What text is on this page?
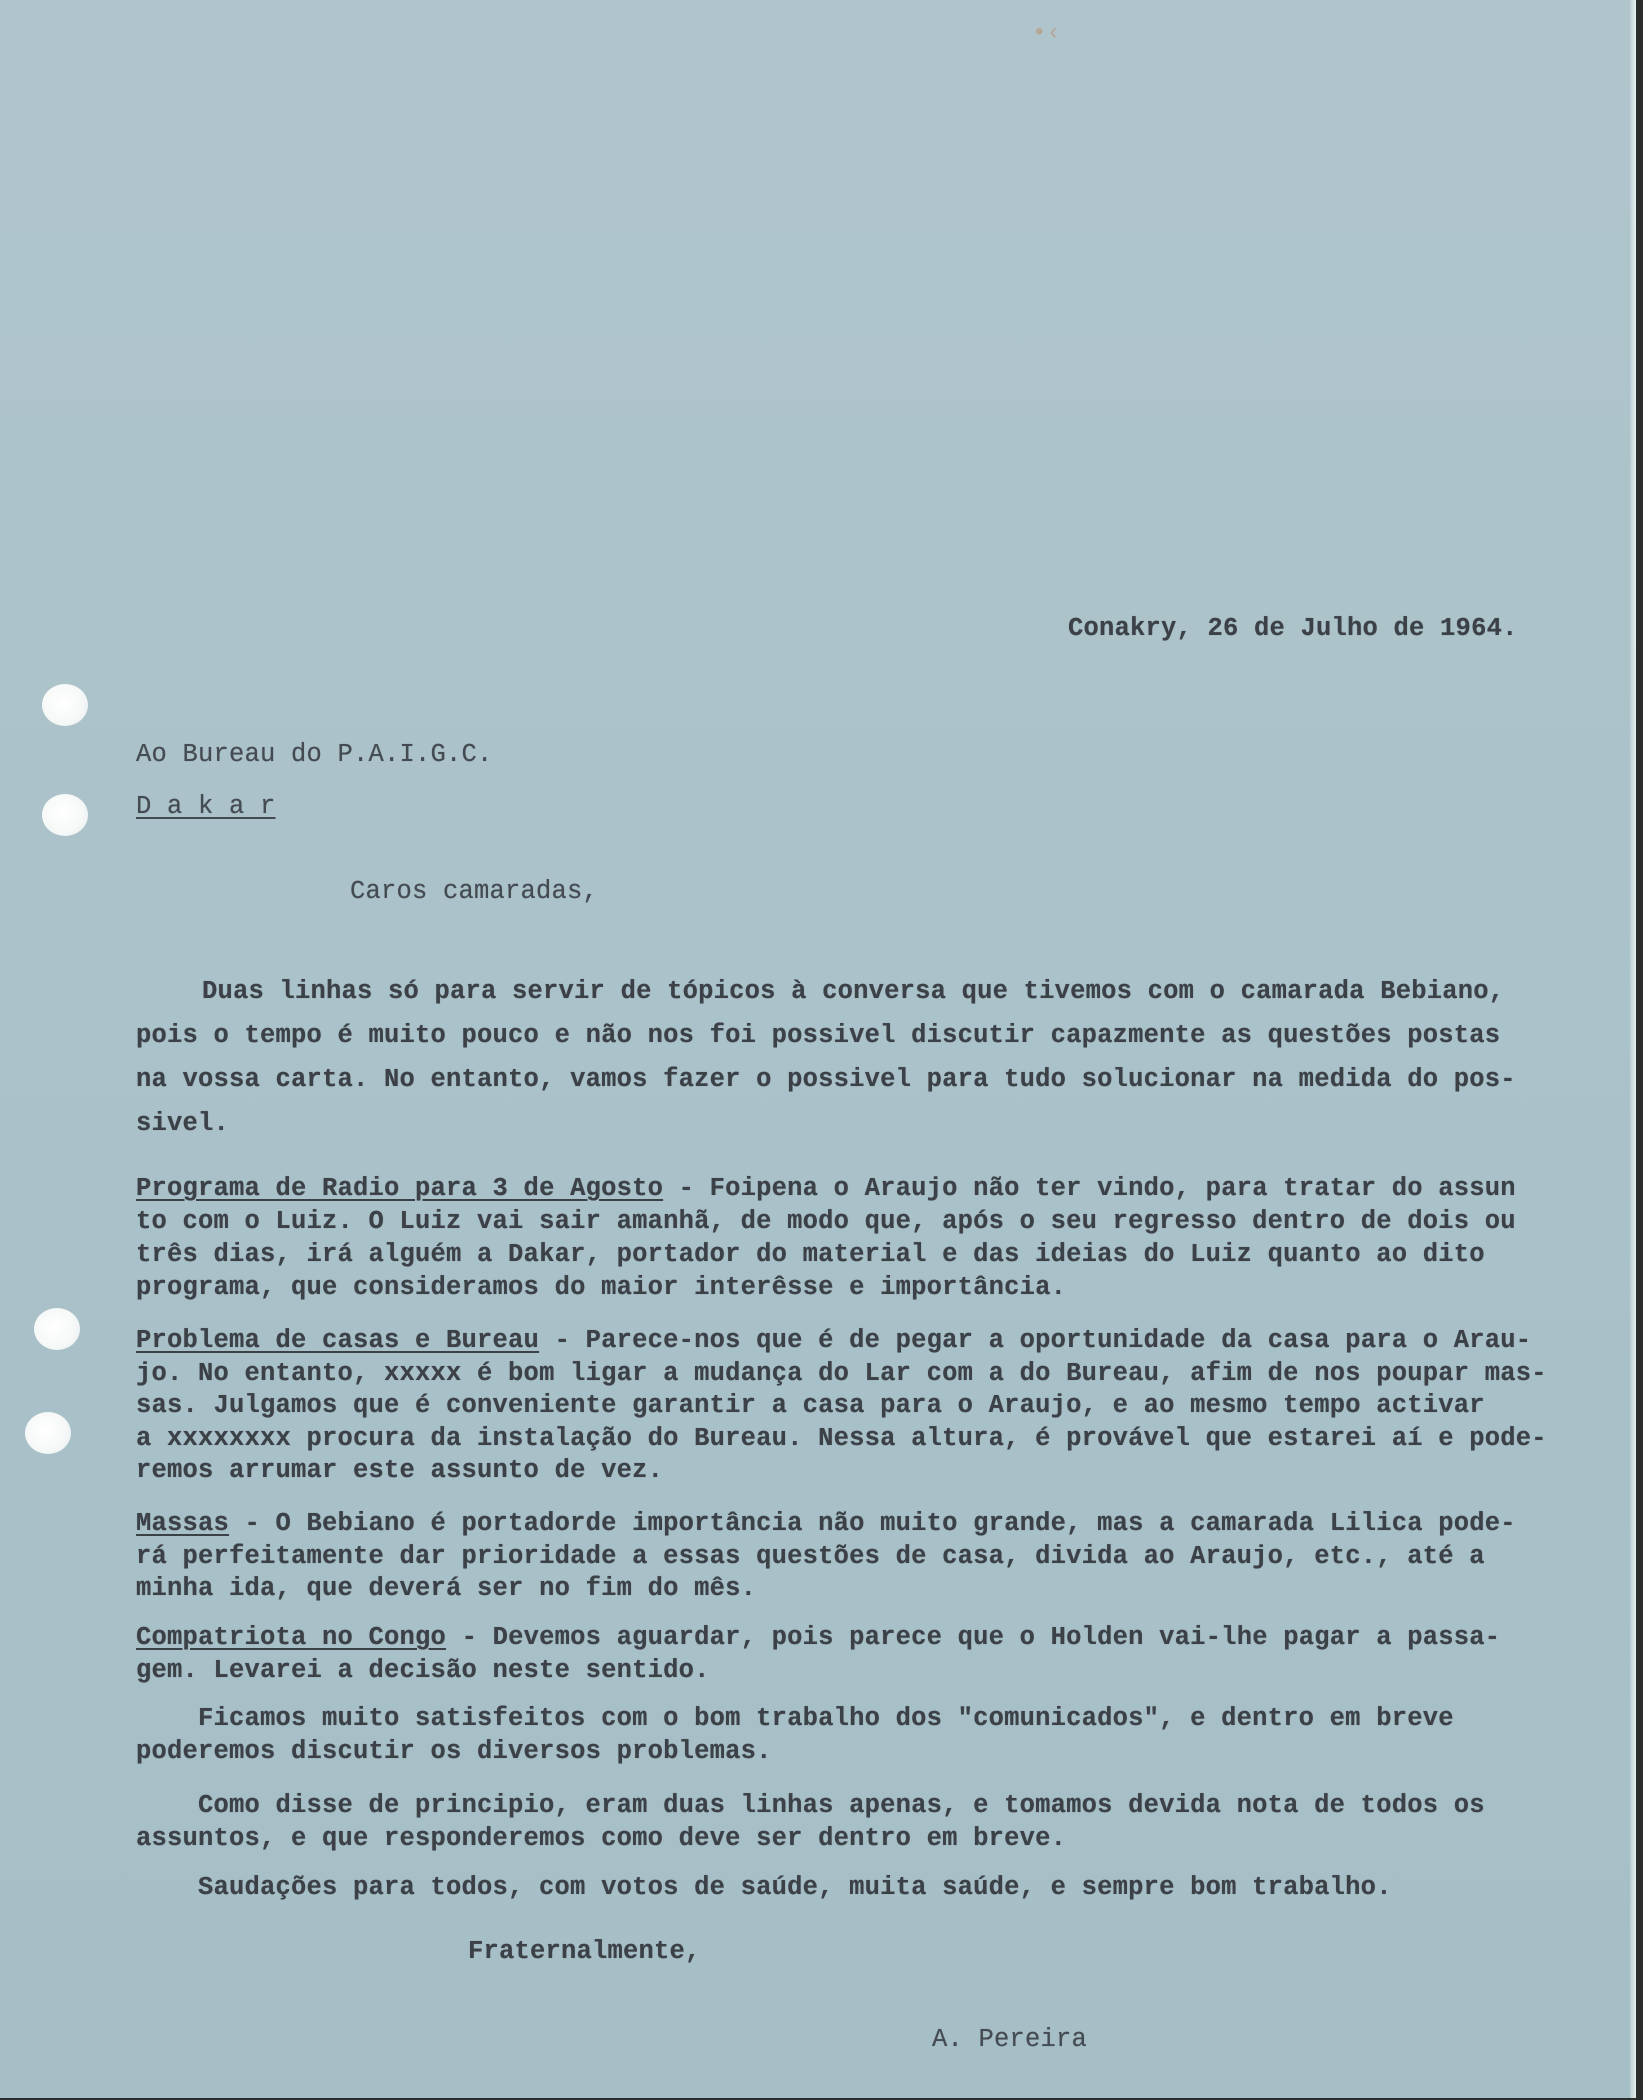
•‹
Conakry, 26 de Julho de 1964.
Ao Bureau do P.A.I.G.C.
D a k a r
Caros camaradas,
Duas linhas só para servir de tópicos à conversa que tivemos com o camarada Bebiano,
pois o tempo é muito pouco e não nos foi possivel discutir capazmente as questões postas
na vossa carta. No entanto, vamos fazer o possivel para tudo solucionar na medida do pos-
sivel.
Programa de Radio para 3 de Agosto - Foipena o Araujo não ter vindo, para tratar do assun
to com o Luiz. O Luiz vai sair amanhã, de modo que, após o seu regresso dentro de dois ou
três dias, irá alguém a Dakar, portador do material e das ideias do Luiz quanto ao dito
programa, que consideramos do maior interêsse e importância.
Problema de casas e Bureau - Parece-nos que é de pegar a oportunidade da casa para o Arau-
jo. No entanto, xxxxx é bom ligar a mudança do Lar com a do Bureau, afim de nos poupar mas-
sas. Julgamos que é conveniente garantir a casa para o Araujo, e ao mesmo tempo activar
a xxxxxxxx procura da instalação do Bureau. Nessa altura, é provável que estarei aí e pode-
remos arrumar este assunto de vez.
Massas - O Bebiano é portadorde importância não muito grande, mas a camarada Lilica pode-
rá perfeitamente dar prioridade a essas questões de casa, divida ao Araujo, etc., até a
minha ida, que deverá ser no fim do mês.
Compatriota no Congo - Devemos aguardar, pois parece que o Holden vai-lhe pagar a passa-
gem. Levarei a decisão neste sentido.
Ficamos muito satisfeitos com o bom trabalho dos "comunicados", e dentro em breve
poderemos discutir os diversos problemas.
Como disse de principio, eram duas linhas apenas, e tomamos devida nota de todos os
assuntos, e que responderemos como deve ser dentro em breve.
Saudações para todos, com votos de saúde, muita saúde, e sempre bom trabalho.
Fraternalmente,
A. Pereira
